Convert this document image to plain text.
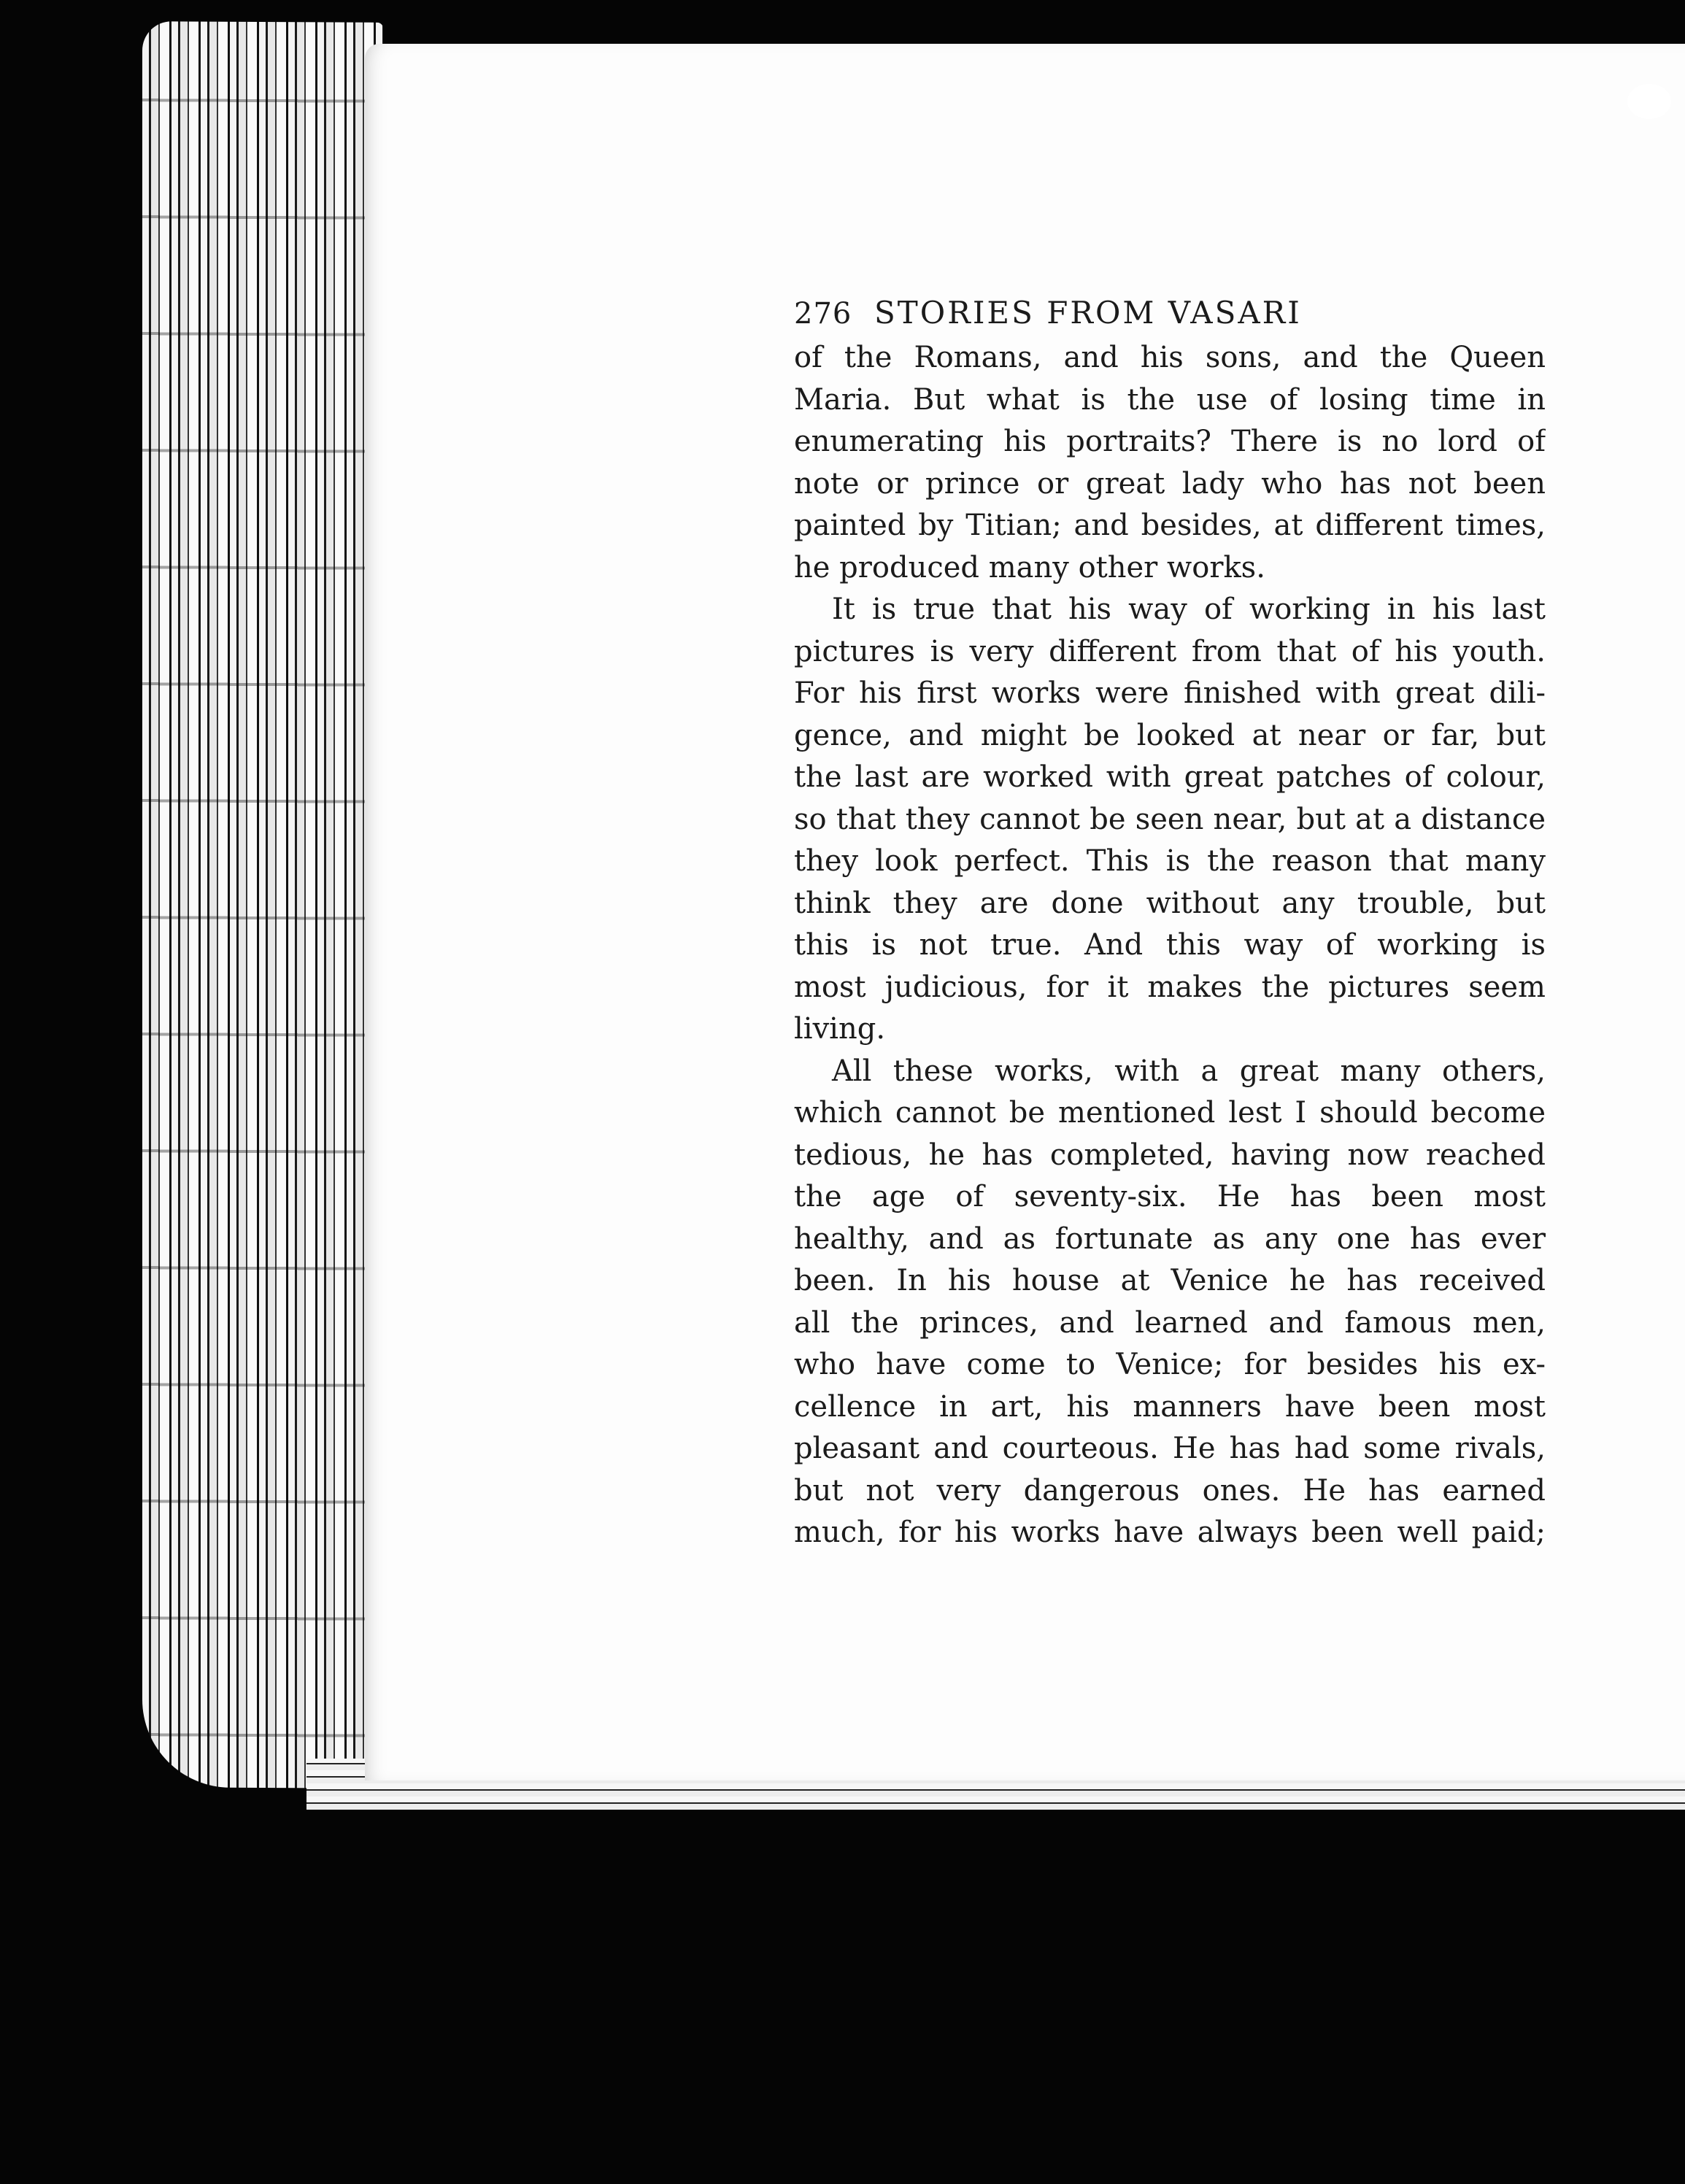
276 STORIES FROM VASARI
of the Romans, and his sons, and the Queen
Maria. But what is the use of losing time in
enumerating his portraits? There is no lord of
note or prince or great lady who has not been
painted by Titian; and besides, at different times,
he produced many other works.
It is true that his way of working in his last
pictures is very different from that of his youth.
For his first works were finished with great dili-
gence, and might be looked at near or far, but
the last are worked with great patches of colour,
so that they cannot be seen near, but at a distance
they look perfect. This is the reason that many
think they are done without any trouble, but
this is not true. And this way of working is
most judicious, for it makes the pictures seem
living.
All these works, with a great many others,
which cannot be mentioned lest I should become
tedious, he has completed, having now reached
the age of seventy-six. He has been most
healthy, and as fortunate as any one has ever
been. In his house at Venice he has received
all the princes, and learned and famous men,
who have come to Venice; for besides his ex-
cellence in art, his manners have been most
pleasant and courteous. He has had some rivals,
but not very dangerous ones. He has earned
much, for his works have always been well paid;
